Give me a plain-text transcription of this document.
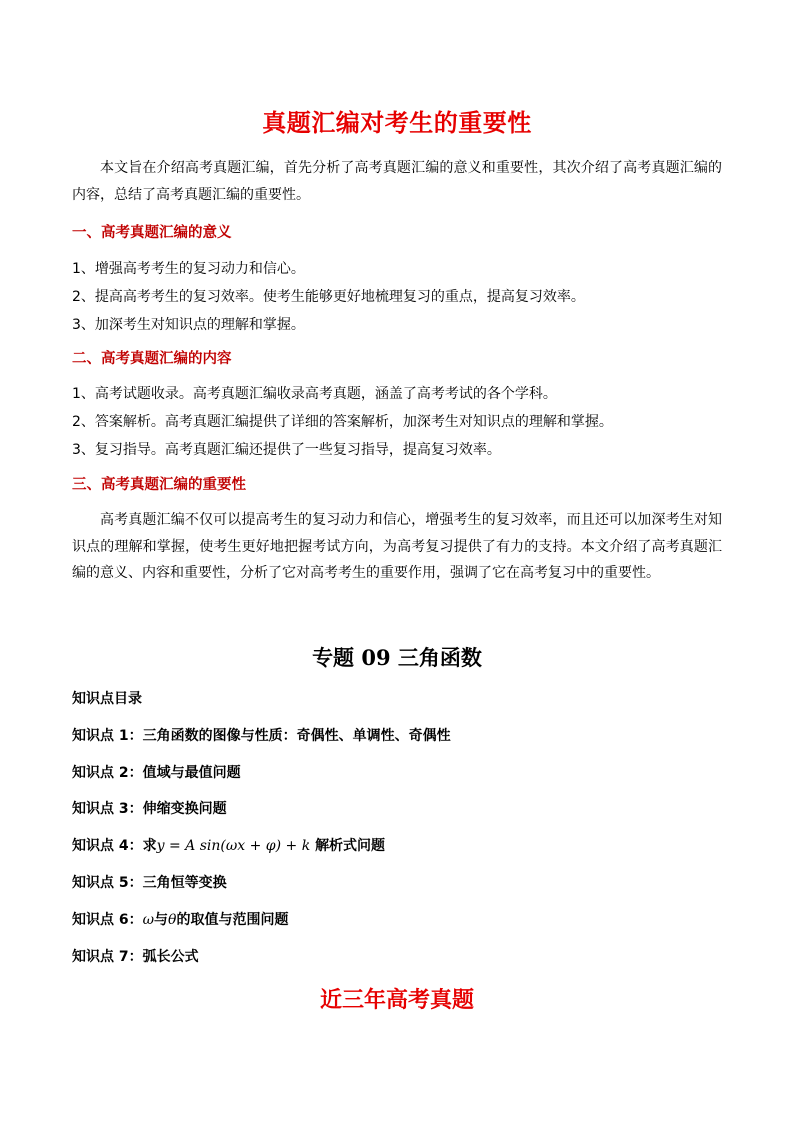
真题汇编对考生的重要性
本文旨在介绍高考真题汇编，首先分析了高考真题汇编的意义和重要性，其次介绍了高考真题汇编的内容，总结了高考真题汇编的重要性。
一、高考真题汇编的意义
1、增强高考考生的复习动力和信心。
2、提高高考考生的复习效率。使考生能够更好地梳理复习的重点，提高复习效率。
3、加深考生对知识点的理解和掌握。
二、高考真题汇编的内容
1、高考试题收录。高考真题汇编收录高考真题，涵盖了高考考试的各个学科。
2、答案解析。高考真题汇编提供了详细的答案解析，加深考生对知识点的理解和掌握。
3、复习指导。高考真题汇编还提供了一些复习指导，提高复习效率。
三、高考真题汇编的重要性
高考真题汇编不仅可以提高考生的复习动力和信心，增强考生的复习效率，而且还可以加深考生对知识点的理解和掌握，使考生更好地把握考试方向，为高考复习提供了有力的支持。本文介绍了高考真题汇编的意义、内容和重要性，分析了它对高考考生的重要作用，强调了它在高考复习中的重要性。
专题 09 三角函数
知识点目录
知识点 1：三角函数的图像与性质：奇偶性、单调性、奇偶性
知识点 2：值域与最值问题
知识点 3：伸缩变换问题
知识点 4：求y = A sin(ωx + φ) + k 解析式问题
知识点 5：三角恒等变换
知识点 6：ω与θ的取值与范围问题
知识点 7：弧长公式
近三年高考真题
